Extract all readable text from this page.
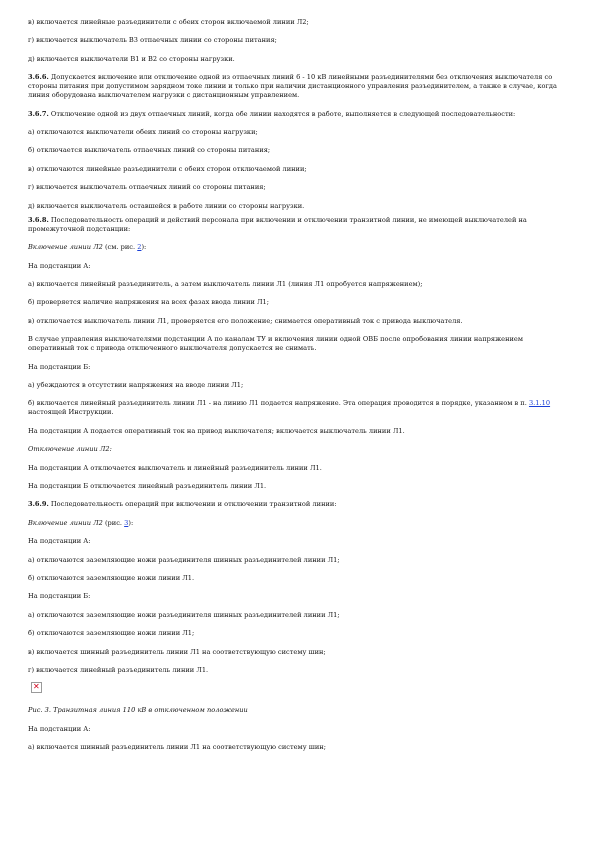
в) включается линейные разъединители с обеих сторон включаемой линии Л2;

г) включается выключатель В3 отпаечных линии со стороны питания;

д) включается выключатели В1 и В2 со стороны нагрузки.

3.6.6. Допускается включение или отключение одной из отпаечных линий 6 - 10 кВ линейными разъединителями без отключения выключателя со стороны питания при допустимом зарядном токе линии и только при наличии дистанционного управления разъединителем, а также в случае, когда линия оборудована выключателем нагрузки с дистанционным управлением.

3.6.7. Отключение одной из двух отпаечных линий, когда обе линии находятся в работе, выполняется в следующей последовательности:

а) отключаются выключатели обеих линий со стороны нагрузки;

б) отключается выключатель отпаечных линий со стороны питания;

в) отключаются линейные разъединители с обеих сторон отключаемой линии;

г) включается выключатель отпаечных линий со стороны питания;

д) включается выключатель оставшейся в работе линии со стороны нагрузки.

3.6.8. Последовательность операций и действий персонала при включении и отключении транзитной линии, не имеющей выключателей на промежуточной подстанции:

Включение линии Л2 (см. рис. 2):

На подстанции А:

а) включается линейный разъединитель, а затем выключатель линии Л1 (линия Л1 опробуется напряжением);

б) проверяется наличие напряжения на всех фазах ввода линии Л1;

в) отключается выключатель линии Л1, проверяется его положение; снимается оперативный ток с привода выключателя.

В случае управления выключателями подстанции А по каналам ТУ и включения линии одной ОВБ после опробования линии напряжением оперативный ток с привода отключенного выключателя допускается не снимать.

На подстанции Б:

а) убеждаются в отсутствии напряжения на вводе линии Л1;

б) включается линейный разъединитель линии Л1 - на линию Л1 подается напряжение. Эта операция проводится в порядке, указанном в п. 3.1.10 настоящей Инструкции.

На подстанции А подается оперативный ток на привод выключателя; включается выключатель линии Л1.

Отключение линии Л2:

На подстанции А отключается выключатель и линейный разъединитель линии Л1.

На подстанции Б отключается линейный разъединитель линии Л1.

3.6.9. Последовательность операций при включении и отключении транзитной линии:

Включение линии Л2 (рис. 3):

На подстанции А:

а) отключаются заземляющие ножи разъединителя шинных разъединителей линии Л1;

б) отключаются заземляющие ножи линии Л1.

На подстанции Б:

а) отключаются заземляющие ножи разъединителя шинных разъединителей линии Л1;

б) отключаются заземляющие ножи линии Л1;

в) включается шинный разъединитель линии Л1 на соответствующую систему шин;

г) включается линейный разъединитель линии Л1.

✕

Рис. 3. Транзитная линия 110 кВ в отключенном положении

На подстанции А:

а) включается шинный разъединитель линии Л1 на соответствующую систему шин;
